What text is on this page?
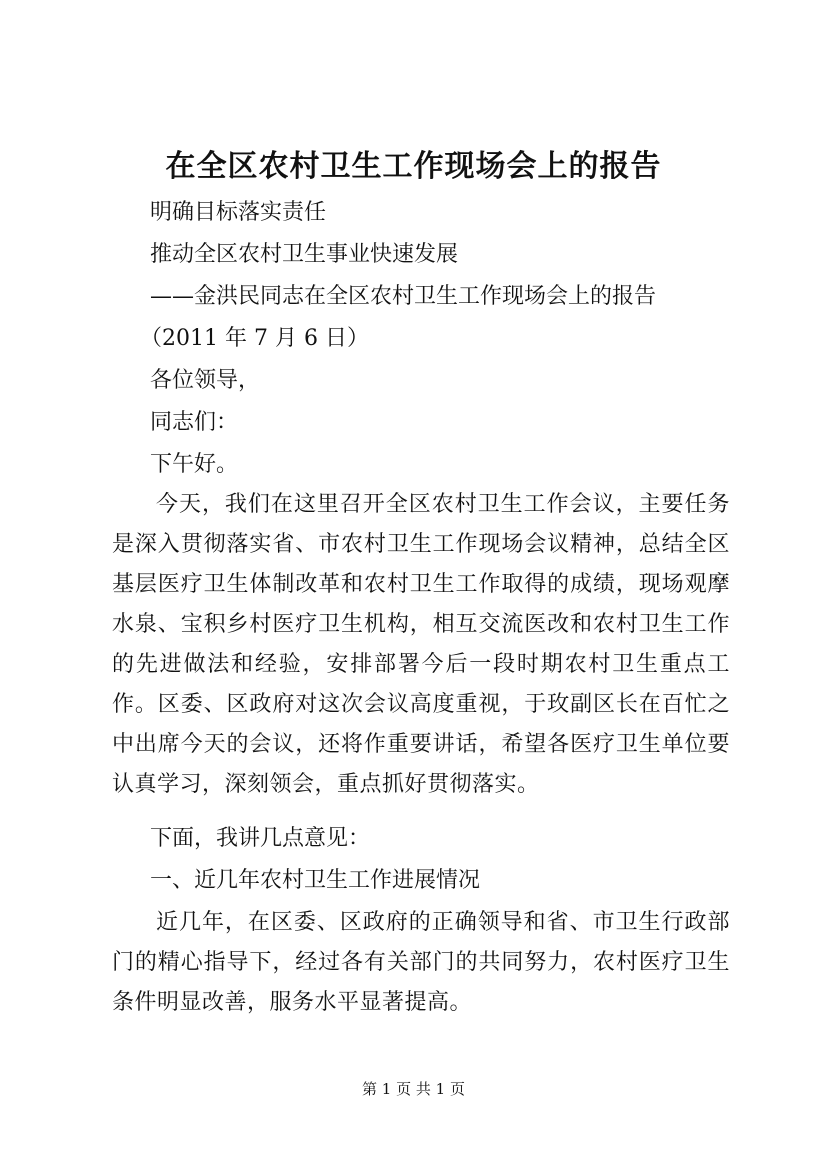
在全区农村卫生工作现场会上的报告
明确目标落实责任
推动全区农村卫生事业快速发展
——金洪民同志在全区农村卫生工作现场会上的报告
（2011 年 7 月 6 日）
各位领导，
同志们：
下午好。
今天，我们在这里召开全区农村卫生工作会议，主要任务是深入贯彻落实省、市农村卫生工作现场会议精神，总结全区基层医疗卫生体制改革和农村卫生工作取得的成绩，现场观摩水泉、宝积乡村医疗卫生机构，相互交流医改和农村卫生工作的先进做法和经验，安排部署今后一段时期农村卫生重点工作。区委、区政府对这次会议高度重视，于玫副区长在百忙之中出席今天的会议，还将作重要讲话，希望各医疗卫生单位要认真学习，深刻领会，重点抓好贯彻落实。
下面，我讲几点意见：
一、近几年农村卫生工作进展情况
近几年，在区委、区政府的正确领导和省、市卫生行政部门的精心指导下，经过各有关部门的共同努力，农村医疗卫生条件明显改善，服务水平显著提高。
第 1 页 共 1 页
